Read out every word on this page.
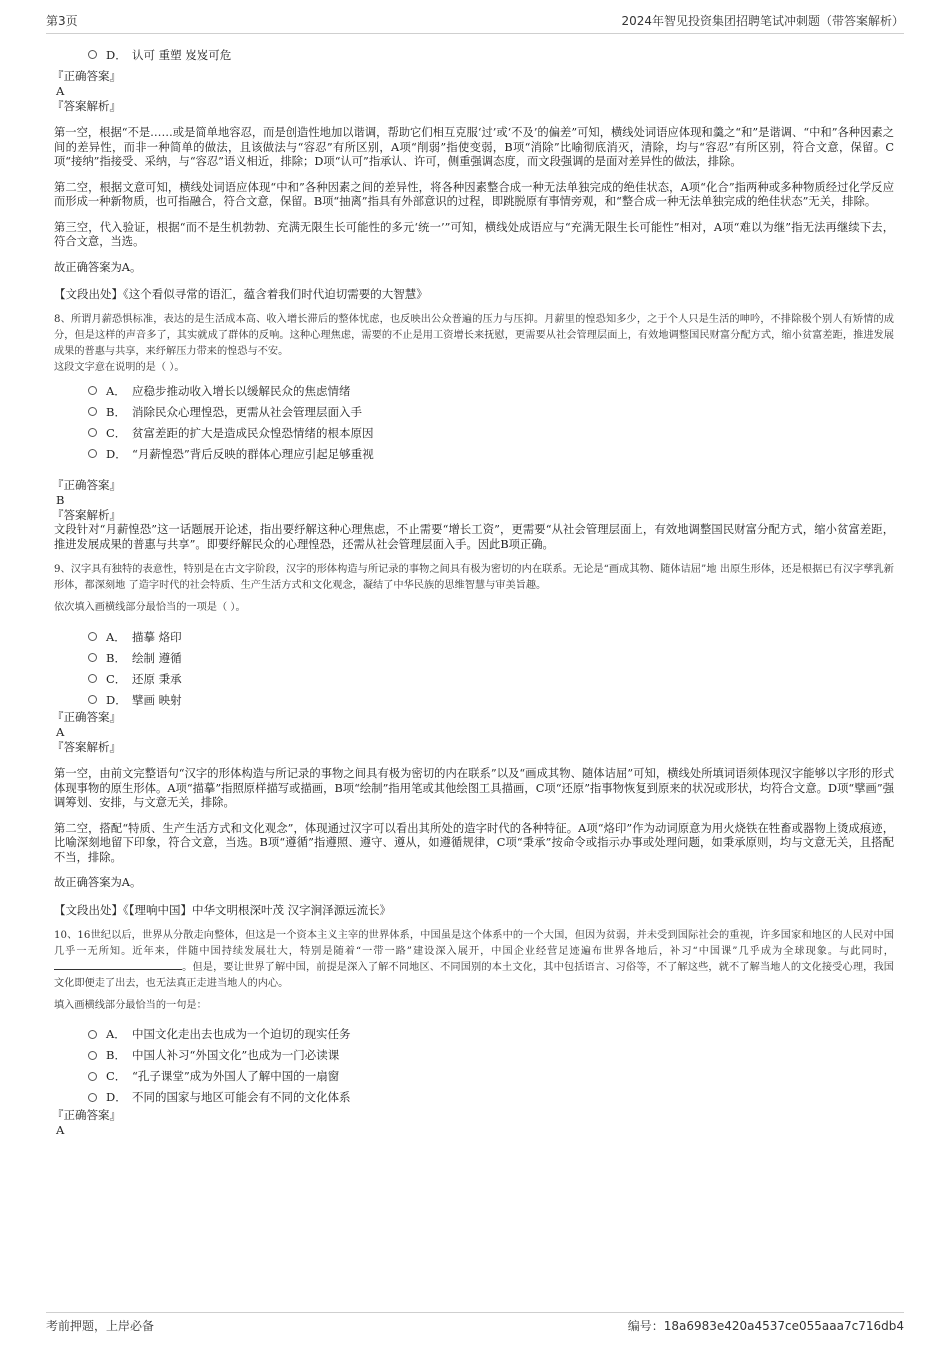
第3页	2024年智见投资集团招聘笔试冲刺题（带答案解析）
D． 认可 重塑 岌岌可危
『正确答案』
A
『答案解析』
第一空，根据“不是……或是简单地容忍，而是创造性地加以谐调，帮助它们相互克服‘过’或‘不及’的偏差”可知，横线处词语应体现和羹之“和”是谐调、“中和”各种因素之间的差异性，而非一种简单的做法，且该做法与“容忍”有所区别，A项“削弱”指使变弱，B项“消除”比喻彻底消灭，清除，均与“容忍”有所区别，符合文意，保留。C项“接纳”指接受、采纳，与“容忍”语义相近，排除；D项“认可”指承认、许可，侧重强调态度，而文段强调的是面对差异性的做法，排除。
第二空，根据文意可知，横线处词语应体现“中和”各种因素之间的差异性，将各种因素整合成一种无法单独完成的绝佳状态，A项“化合”指两种或多种物质经过化学反应而形成一种新物质，也可指融合，符合文意，保留。B项“抽离”指具有外部意识的过程，即跳脱原有事情旁观，和“整合成一种无法单独完成的绝佳状态”无关，排除。
第三空，代入验证，根据“而不是生机勃勃、充满无限生长可能性的多元‘统一’”可知，横线处成语应与“充满无限生长可能性”相对，A项“难以为继”指无法再继续下去，符合文意，当选。
故正确答案为A。
【文段出处】《这个看似寻常的语汇，蕴含着我们时代迫切需要的大智慧》
8、所谓月薪恐惧标准，表达的是生活成本高、收入增长滞后的整体忧虑，也反映出公众普遍的压力与压抑。月薪里的惶恐知多少，之于个人只是生活的呻吟，不排除极个别人有矫情的成分，但是这样的声音多了，其实就成了群体的反响。这种心理焦虑，需要的不止是用工资增长来抚慰，更需要从社会管理层面上，有效地调整国民财富分配方式，缩小贫富差距，推进发展成果的普惠与共享，来纾解压力带来的惶恐与不安。
这段文字意在说明的是（ ）。
A． 应稳步推动收入增长以缓解民众的焦虑情绪
B． 消除民众心理惶恐，更需从社会管理层面入手
C． 贫富差距的扩大是造成民众惶恐情绪的根本原因
D． “月薪惶恐”背后反映的群体心理应引起足够重视
『正确答案』
B
『答案解析』
文段针对“月薪惶恐”这一话题展开论述，指出要纾解这种心理焦虑，不止需要“增长工资”，更需要“从社会管理层面上，有效地调整国民财富分配方式，缩小贫富差距，推进发展成果的普惠与共享”。即要纾解民众的心理惶恐，还需从社会管理层面入手。因此B项正确。
9、汉字具有独特的表意性，特别是在古文字阶段，汉字的形体构造与所记录的事物之间具有极为密切的内在联系。无论是“画成其物、随体诘屈”地 出原生形体，还是根据已有汉字孳乳新形体，都深刻地 了造字时代的社会特质、生产生活方式和文化观念，凝结了中华民族的思维智慧与审美旨趣。
依次填入画横线部分最恰当的一项是（ ）。
A． 描摹 烙印
B． 绘制 遵循
C． 还原 秉承
D． 擘画 映射
『正确答案』
A
『答案解析』
第一空，由前文完整语句“汉字的形体构造与所记录的事物之间具有极为密切的内在联系”以及“画成其物、随体诘屈”可知，横线处所填词语须体现汉字能够以字形的形式体现事物的原生形体。A项“描摹”指照原样描写或描画，B项“绘制”指用笔或其他绘图工具描画，C项“还原”指事物恢复到原来的状况或形状，均符合文意。D项“擘画”强调筹划、安排，与文意无关，排除。
第二空，搭配“特质、生产生活方式和文化观念”，体现通过汉字可以看出其所处的造字时代的各种特征。A项“烙印”作为动词原意为用火烧铁在牲畜或器物上烫成痕迹，比喻深刻地留下印象，符合文意，当选。B项“遵循”指遵照、遵守、遵从，如遵循规律，C项“秉承”按命令或指示办事或处理问题，如秉承原则，均与文意无关，且搭配不当，排除。
故正确答案为A。
【文段出处】《【理响中国】中华文明根深叶茂 汉字涧泽源远流长》
10、16世纪以后，世界从分散走向整体，但这是一个资本主义主宰的世界体系，中国虽是这个体系中的一个大国，但因为贫弱，并未受到国际社会的重视，许多国家和地区的人民对中国几乎一无所知。近年来，伴随中国持续发展壮大，特别是随着“一带一路”建设深入展开，中国企业经营足迹遍布世界各地后，补习“中国课”几乎成为全球现象。与此同时，。但是，要让世界了解中国，前提是深入了解不同地区、不同国别的本土文化，其中包括语言、习俗等，不了解这些，就不了解当地人的文化接受心理，我国文化即便走了出去，也无法真正走进当地人的内心。
填入画横线部分最恰当的一句是：
A． 中国文化走出去也成为一个迫切的现实任务
B． 中国人补习“外国文化”也成为一门必读课
C． “孔子课堂”成为外国人了解中国的一扇窗
D． 不同的国家与地区可能会有不同的文化体系
『正确答案』
A
考前押题，上岸必备	编号：18a6983e420a4537ce055aaa7c716db4
